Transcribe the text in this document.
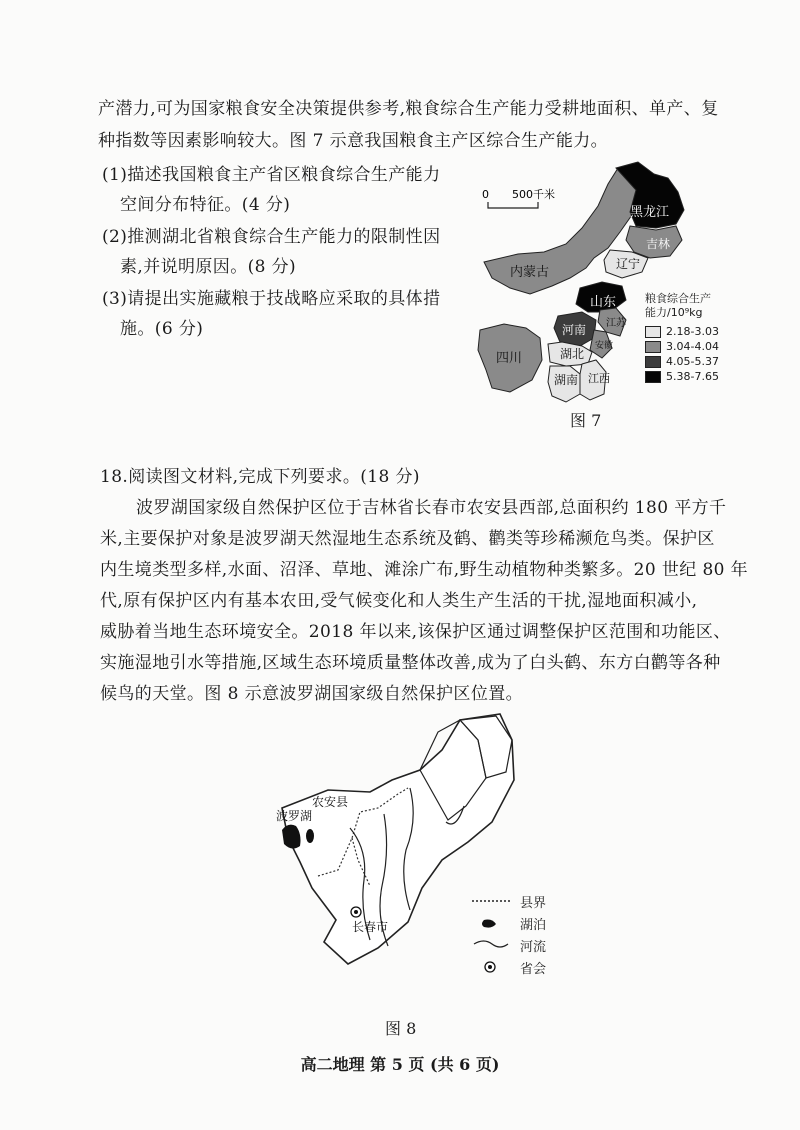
产潜力,可为国家粮食安全决策提供参考,粮食综合生产能力受耕地面积、单产、复
种指数等因素影响较大。图 7 示意我国粮食主产区综合生产能力。
(1)描述我国粮食主产省区粮食综合生产能力
空间分布特征。(4 分)
(2)推测湖北省粮食综合生产能力的限制性因
素,并说明原因。(8 分)
(3)请提出实施藏粮于技战略应采取的具体措
施。(6 分)
0 500千米
黑龙江
吉林
辽宁
内蒙古
山东
河南 江苏
安徽
四川	湖北
湖南 江西
粮食综合生产
能力/10⁹kg
2.18-3.03
3.04-4.04
4.05-5.37
5.38-7.65
图 7
18.阅读图文材料,完成下列要求。(18 分)
波罗湖国家级自然保护区位于吉林省长春市农安县西部,总面积约 180 平方千
米,主要保护对象是波罗湖天然湿地生态系统及鹤、鹳类等珍稀濒危鸟类。保护区
内生境类型多样,水面、沼泽、草地、滩涂广布,野生动植物种类繁多。20 世纪 80 年
代,原有保护区内有基本农田,受气候变化和人类生产生活的干扰,湿地面积减小,
威胁着当地生态环境安全。2018 年以来,该保护区通过调整保护区范围和功能区、
实施湿地引水等措施,区域生态环境质量整体改善,成为了白头鹤、东方白鹳等各种
候鸟的天堂。图 8 示意波罗湖国家级自然保护区位置。
农安县
波罗湖
长春市
县界
湖泊
河流
省会
图 8
高二地理 第 5 页 (共 6 页)
